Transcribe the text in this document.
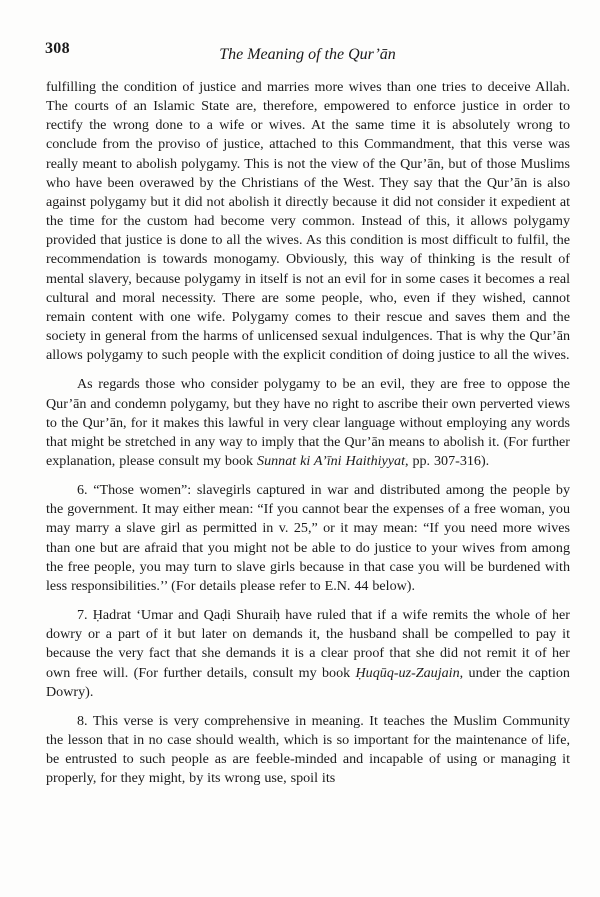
308	The Meaning of the Qur’ān

fulfilling the condition of justice and marries more wives than one tries to deceive Allah. The courts of an Islamic State are, therefore, empowered to enforce justice in order to rectify the wrong done to a wife or wives. At the same time it is absolutely wrong to conclude from the proviso of justice, attached to this Commandment, that this verse was really meant to abolish polygamy. This is not the view of the Qur’ān, but of those Muslims who have been overawed by the Christians of the West. They say that the Qur’ān is also against polygamy but it did not abolish it directly because it did not consider it expedient at the time for the custom had become very common. Instead of this, it allows polygamy provided that justice is done to all the wives. As this condition is most difficult to fulfil, the recommendation is towards monogamy. Obviously, this way of thinking is the result of mental slavery, because polygamy in itself is not an evil for in some cases it becomes a real cultural and moral necessity. There are some people, who, even if they wished, cannot remain content with one wife. Polygamy comes to their rescue and saves them and the society in general from the harms of unlicensed sexual indulgences. That is why the Qur’ān allows polygamy to such people with the explicit condition of doing justice to all the wives.

As regards those who consider polygamy to be an evil, they are free to oppose the Qur’ān and condemn polygamy, but they have no right to ascribe their own perverted views to the Qur’ān, for it makes this lawful in very clear language without employing any words that might be stretched in any way to imply that the Qur’ān means to abolish it. (For further explanation, please consult my book Sunnat ki A’īni Haithiyyat, pp. 307-316).

6. “Those women”: slavegirls captured in war and distributed among the people by the government. It may either mean: “If you cannot bear the expenses of a free woman, you may marry a slave girl as permitted in v. 25,” or it may mean: “If you need more wives than one but are afraid that you might not be able to do justice to your wives from among the free people, you may turn to slave girls because in that case you will be burdened with less responsibilities.’’ (For details please refer to E.N. 44 below).

7. Ḥadrat ‘Umar and Qaḍi Shuraiḥ have ruled that if a wife remits the whole of her dowry or a part of it but later on demands it, the husband shall be compelled to pay it because the very fact that she demands it is a clear proof that she did not remit it of her own free will. (For further details, consult my book Ḥuqūq-uz-Zaujain, under the caption Dowry).

8. This verse is very comprehensive in meaning. It teaches the Muslim Community the lesson that in no case should wealth, which is so important for the maintenance of life, be entrusted to such people as are feeble-minded and incapable of using or managing it properly, for they might, by its wrong use, spoil its
